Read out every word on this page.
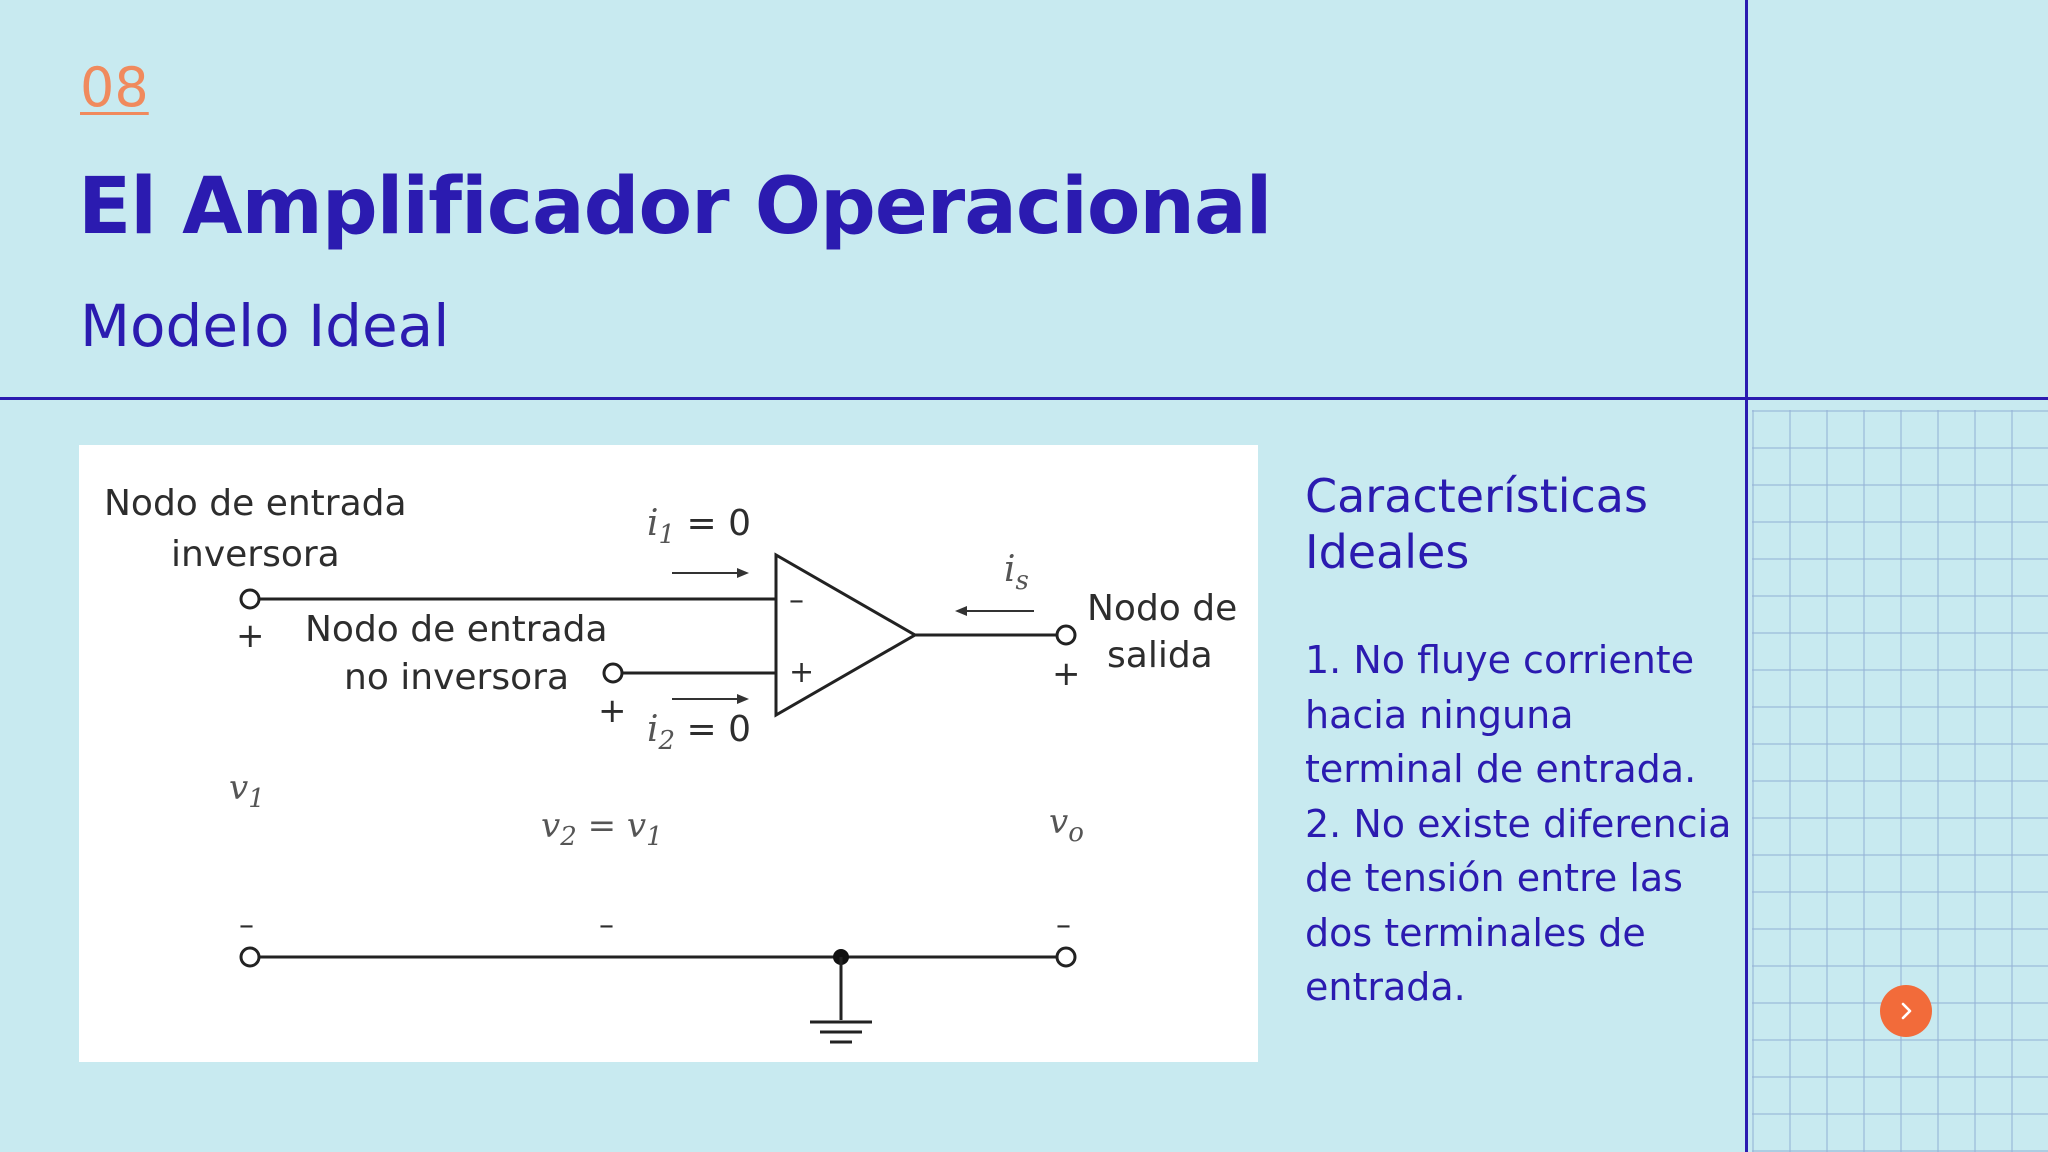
08
El Amplificador Operacional
Modelo Ideal
Nodo de entrada
inversora
Nodo de entrada
no inversora
Nodo de
salida
+
+
–
+	+
$i_1 = 0$
$i_2 = 0$
$i_s$
$v_1$
$v_2 = v_1$	$v_o$
–	–	–
Características
Ideales

1. No fluye corriente hacia ninguna terminal de entrada.

2. No existe diferencia de tensión entre las dos terminales de entrada.
